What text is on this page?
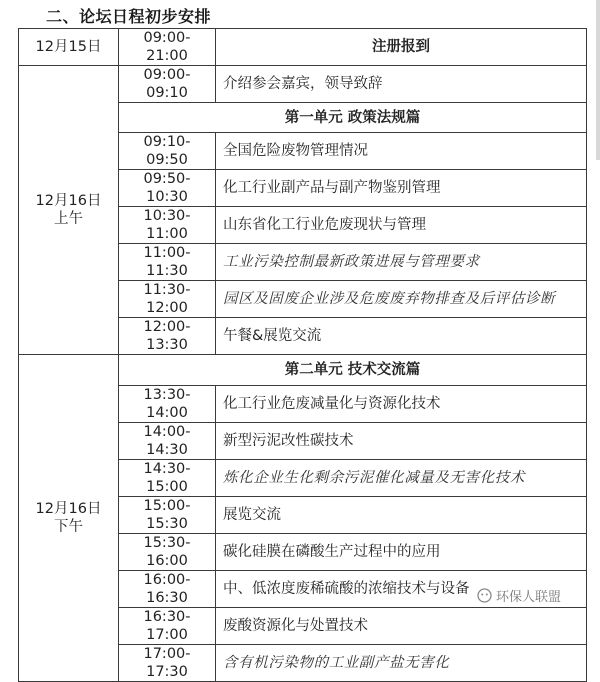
二、论坛日程初步安排
12月15日	09:00-21:00	注册报到

12月16日
上午	09:00-09:10	介绍参会嘉宾，领导致辞
	第一单元 政策法规篇	
	09:10-09:50	全国危险废物管理情况
	09:50-10:30	化工行业副产品与副产物鉴别管理
	10:30-11:00	山东省化工行业危废现状与管理
	11:00-11:30	工业污染控制最新政策进展与管理要求
	11:30-12:00	园区及固废企业涉及危废废弃物排查及后评估诊断
	12:00-13:30	午餐&展览交流

12月16日
下午	第二单元 技术交流篇	
	13:30-14:00	化工行业危废减量化与资源化技术
	14:00-14:30	新型污泥改性碳技术
	14:30-15:00	炼化企业生化剩余污泥催化减量及无害化技术
	15:00-15:30	展览交流
	15:30-16:00	碳化硅膜在磷酸生产过程中的应用
	16:00-16:30	中、低浓度废稀硫酸的浓缩技术与设备
	16:30-17:00	废酸资源化与处置技术
	17:00-17:30	含有机污染物的工业副产盐无害化
环保人联盟
